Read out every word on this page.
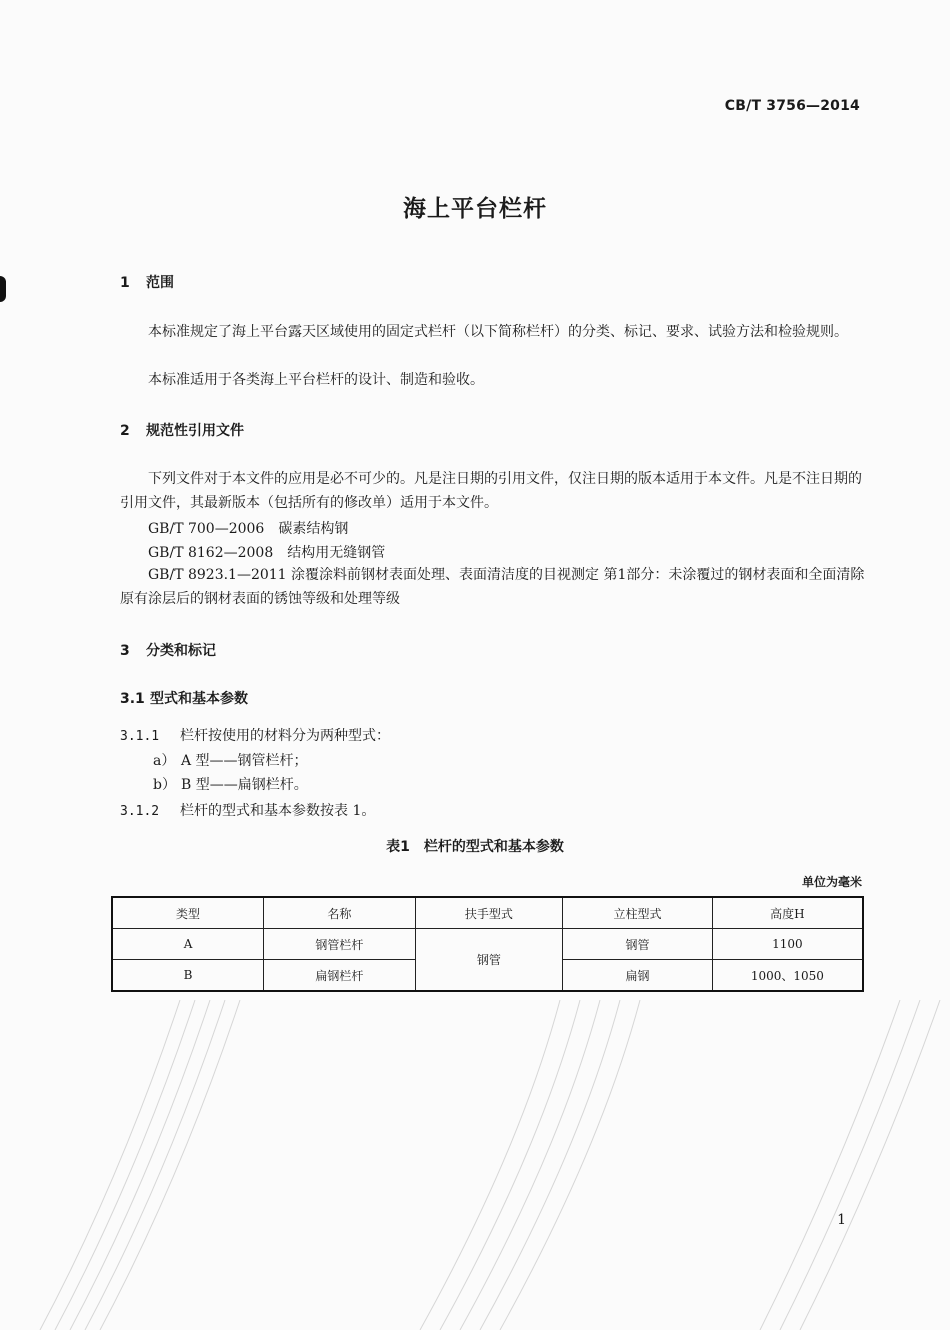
CB/T 3756—2014
海上平台栏杆
1 范围
本标准规定了海上平台露天区域使用的固定式栏杆（以下简称栏杆）的分类、标记、要求、试验方法和检验规则。
本标准适用于各类海上平台栏杆的设计、制造和验收。
2 规范性引用文件
下列文件对于本文件的应用是必不可少的。凡是注日期的引用文件，仅注日期的版本适用于本文件。凡是不注日期的引用文件，其最新版本（包括所有的修改单）适用于本文件。
GB/T 700—2006　碳素结构钢
GB/T 8162—2008　结构用无缝钢管
GB/T 8923.1—2011 涂覆涂料前钢材表面处理、表面清洁度的目视测定 第1部分：未涂覆过的钢材表面和全面清除原有涂层后的钢材表面的锈蚀等级和处理等级
3 分类和标记
3.1 型式和基本参数
3.1.1 栏杆按使用的材料分为两种型式：
a） A 型——钢管栏杆；
b） B 型——扁钢栏杆。
3.1.2 栏杆的型式和基本参数按表 1。
表1　栏杆的型式和基本参数
单位为毫米
类型	名称	扶手型式	立柱型式	高度H
A	钢管栏杆	钢管	钢管	1100
B	扁钢栏杆		扁钢	1000、1050
1
